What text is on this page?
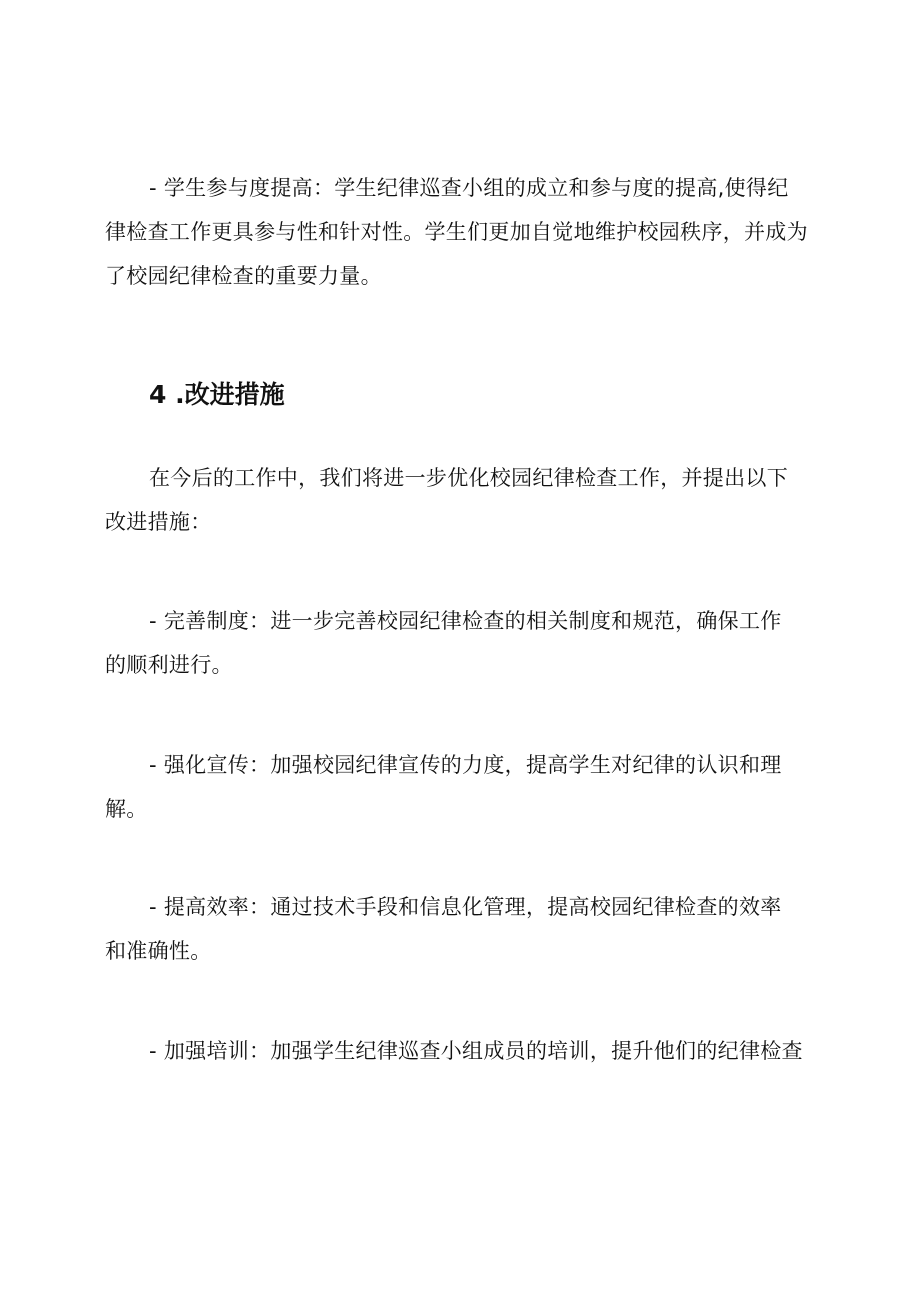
- 学生参与度提高：学生纪律巡查小组的成立和参与度的提高,使得纪
律检查工作更具参与性和针对性。学生们更加自觉地维护校园秩序，并成为
了校园纪律检查的重要力量。
4 .改进措施
在今后的工作中，我们将进一步优化校园纪律检查工作，并提出以下
改进措施：
- 完善制度：进一步完善校园纪律检查的相关制度和规范，确保工作
的顺利进行。
- 强化宣传：加强校园纪律宣传的力度，提高学生对纪律的认识和理
解。
- 提高效率：通过技术手段和信息化管理，提高校园纪律检查的效率
和准确性。
- 加强培训：加强学生纪律巡查小组成员的培训，提升他们的纪律检查
